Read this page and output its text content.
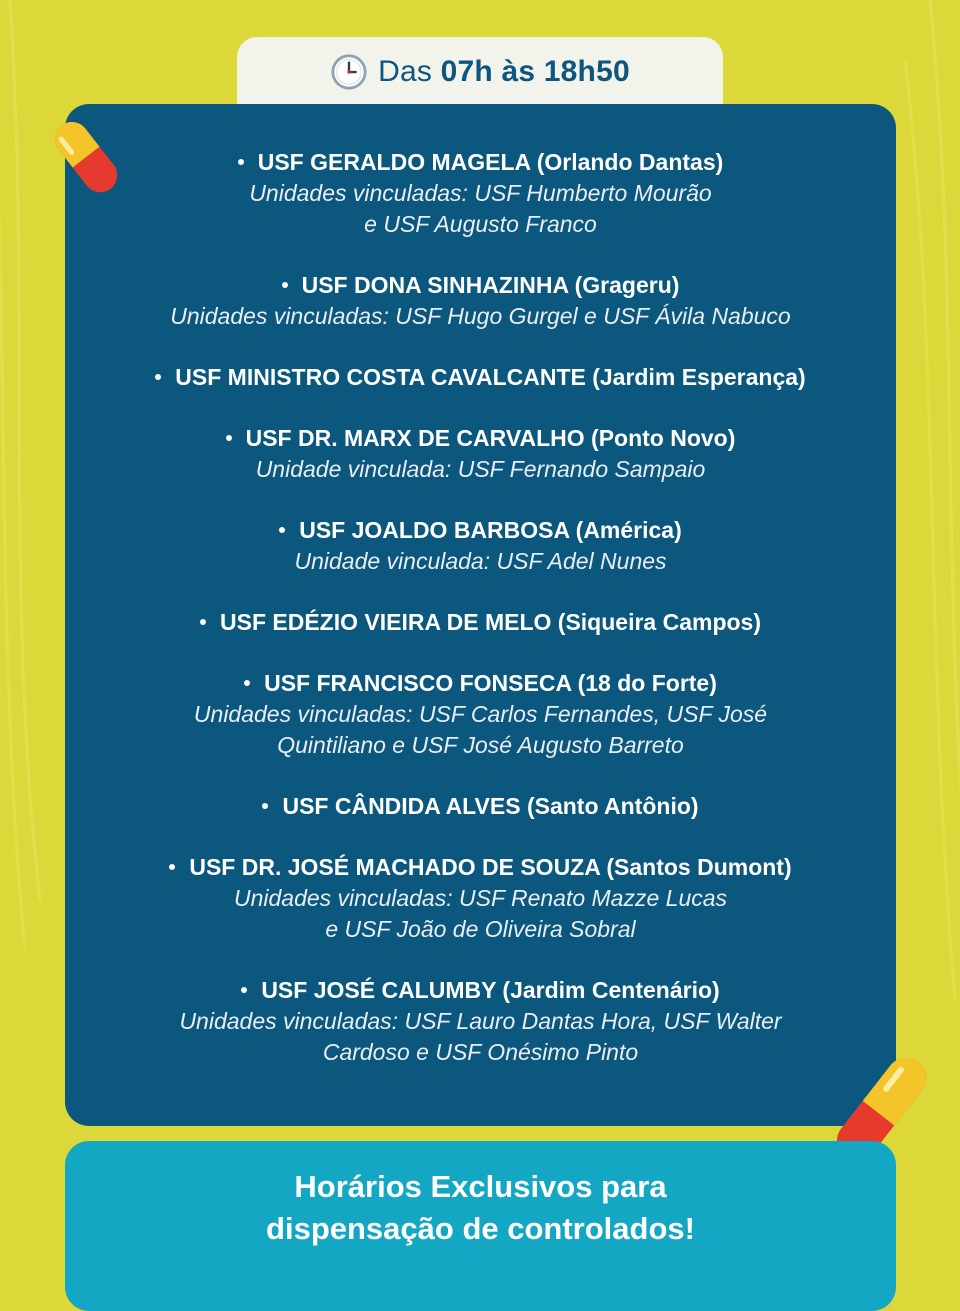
Das 07h às 18h50
USF GERALDO MAGELA (Orlando Dantas)
Unidades vinculadas: USF Humberto Mourão
e USF Augusto Franco
USF DONA SINHAZINHA (Grageru)
Unidades vinculadas: USF Hugo Gurgel e USF Ávila Nabuco
USF MINISTRO COSTA CAVALCANTE (Jardim Esperança)
USF DR. MARX DE CARVALHO (Ponto Novo)
Unidade vinculada: USF Fernando Sampaio
USF JOALDO BARBOSA (América)
Unidade vinculada: USF Adel Nunes
USF EDÉZIO VIEIRA DE MELO (Siqueira Campos)
USF FRANCISCO FONSECA (18 do Forte)
Unidades vinculadas: USF Carlos Fernandes, USF José
Quintiliano e USF José Augusto Barreto
USF CÂNDIDA ALVES (Santo Antônio)
USF DR. JOSÉ MACHADO DE SOUZA (Santos Dumont)
Unidades vinculadas: USF Renato Mazze Lucas
e USF João de Oliveira Sobral
USF JOSÉ CALUMBY (Jardim Centenário)
Unidades vinculadas: USF Lauro Dantas Hora, USF Walter
Cardoso e USF Onésimo Pinto
Horários Exclusivos para
dispensação de controlados!
